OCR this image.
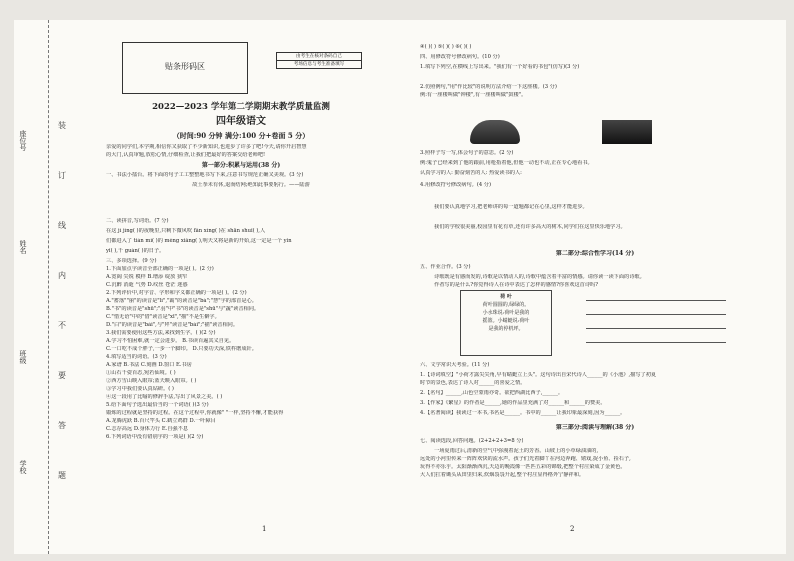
座位号
姓名
班级
学校
装
订
线
内
不
要
答
题
贴条形码区
由考生在核对条码自己
考场信息与考生准备填写
2022—2023 学年第二学期期末教学质量监测
四年级语文
（时间:90 分钟 满分:100 分+卷面 5 分）
亲爱的同学们,本学期,相信你又获取了不少新知识,也进步了许多了吧!今天,请你开启智慧
的大门,认真审题,放松心情,仔细检查,让我们把最好的答案交给老师吧!
第一部分:积累与运用(38 分)
一、书法小擂台。将下面的句子工工整整地书写下来,注意书写规范正确又美观。(3 分)
故土拳未有休,退而结网;绝知此事要躬行。——陆游
二、读拼音,写词语。(7 分)
在这 jì jìng( )的夜晚里,只剩下微风吹 fǎn xíng( )在 shān shuǐ( ),人
们都进入了 tián mì( )的 mèng xiǎng( ),明天又将是新的开始,这一定是一个 yǐn
yǐ( ),千 guàn( )的日子。
三、多项选择。(9 分)
1.下面加点字读音全部正确的一项是( )。(2 分)
A.宽阔 尖锐 模样 B.增添 绽放 狭窄
C.沉醉 消逝 气势 D.纹丝 苍茫 迷惑
2.下列评价中,对字音、字形和字义都正确的一项是( )。(2 分)
A."蓄落""丽"的读音是"lì","霸"的读音是"bà";"慧"字的部首是心。
B."书"的读音是"shū";"羽"中"书"的读音是"shū"与"蔬"读音相同。
C."惜无语"中的"惜"读音是"xī","描"不是生僻字。
D."白"的读音是"bái",与"拜"读音是"bài";"描"读音相同。
3.我们需要使用这些方法,来找到生字。( )(2 分)
A.学习不怕困难,就一定会进步。 B.书读百遍其义自见。
C.一口吃不成个胖子,一步一个脚印。 D.只要功夫深,铁杵磨成针。
4.填写适当的词语。(3 分)
A.家谱 B.书法 C.刻画 D.窗口 E.书房
①山石千姿百态,宛若仙境。( )
②西方雪山映入眼帘;蓝天映入眼帘。( )
③学习中我们要认真钻研。( )
④这一段用了比喻的修辞手法,写出了风景之美。( )
5.给下面句子选出最恰当的一个词语( )(3 分)
锻炼的过程就是坚持的过程。在这个过程中,你就像" "一样,坚持不懈,才能获得
A.龙腾虎跃 B.百尺竿头 C.鹤立鸡群 D.一叶障目
C.志存高远 D.身体力行 E.自强不息
6.下列词语中没有错别字的一项是( )(2 分)
1
④( )( ) ⑤( )( ) ⑥( )( )
四、用修改符号修改病句。(10 分)
1.填写下列空,在横线上写出来。"我们有一个好看的书包"(仿写)(3 分)
2.仿照例句,"用"作比较"的说明方法介绍一下这座楼。(3 分)
例:有一座楼叫做"钟楼",有一座楼叫做"鼓楼"。
3.照样子写一写,体会句子的意思。(2 分)
例:鬼子已经来到了他的跟前,用枪指着他,但他一动也不动,正在专心地看书。
认真学习的人: 勤奋刻苦的人: 热爱读书的人:
4.用修改符号修改病句。(4 分)
我们要认真地学习,把老师讲的每一道题都记在心里,这样才能进步。
我们的学校很美丽,校园里有花有草,还有许多高大的树木,同学们在这里快乐地学习。
第二部分:综合性学习(14 分)
五、作业合作。(3 分)
诗歌既是有感而发的,诗歌是以情动人的,诗歌中蕴含着丰富的情感。请你读一读下面的诗歌。
作者写的是什么?你觉得诗人在诗中表达了怎样的感情?你喜欢这首诗吗?
荷 叶
荷叶圆圆的,绿绿的。
小水珠说:荷叶是我的
摇篮。小蜻蜓说:荷叶
是我的停机坪。
六、文学常识大考验。(11 分)
1.【诗词填空】"小荷才露尖尖角,早有蜻蜓立上头"。这句诗出自宋代诗人______的《小池》,描写了初夏
时节的景色,表达了诗人对______的喜爱之情。
2.【名句】______,山色空蒙雨亦奇。欲把西湖比西子,______。
3.【作家】《繁星》的作者是______,她的作品里充满了对______和______的赞美。
4.【名著阅读】我读过一本书,书名是______。书中的______让我印象最深刻,因为______。
第三部分:阅读与理解(38 分)
七、阅读选段,回答问题。(2+2+2+3=8 分)
一场夏雨过后,清新的空气中弥漫着泥土的芳香。山坡上的小草绿油油的,
远处的小河里传来一阵阵欢快的流水声。孩子们光着脚丫在河边奔跑、嬉戏,捉小鱼、捡石子,
玩得不亦乐乎。太阳渐渐西沉,天边的晚霞像一匹匹五彩的锦缎,把整个村庄染成了金黄色。
大人们扛着锄头从田里归来,炊烟袅袅升起,整个村庄显得格外宁静祥和。
2
